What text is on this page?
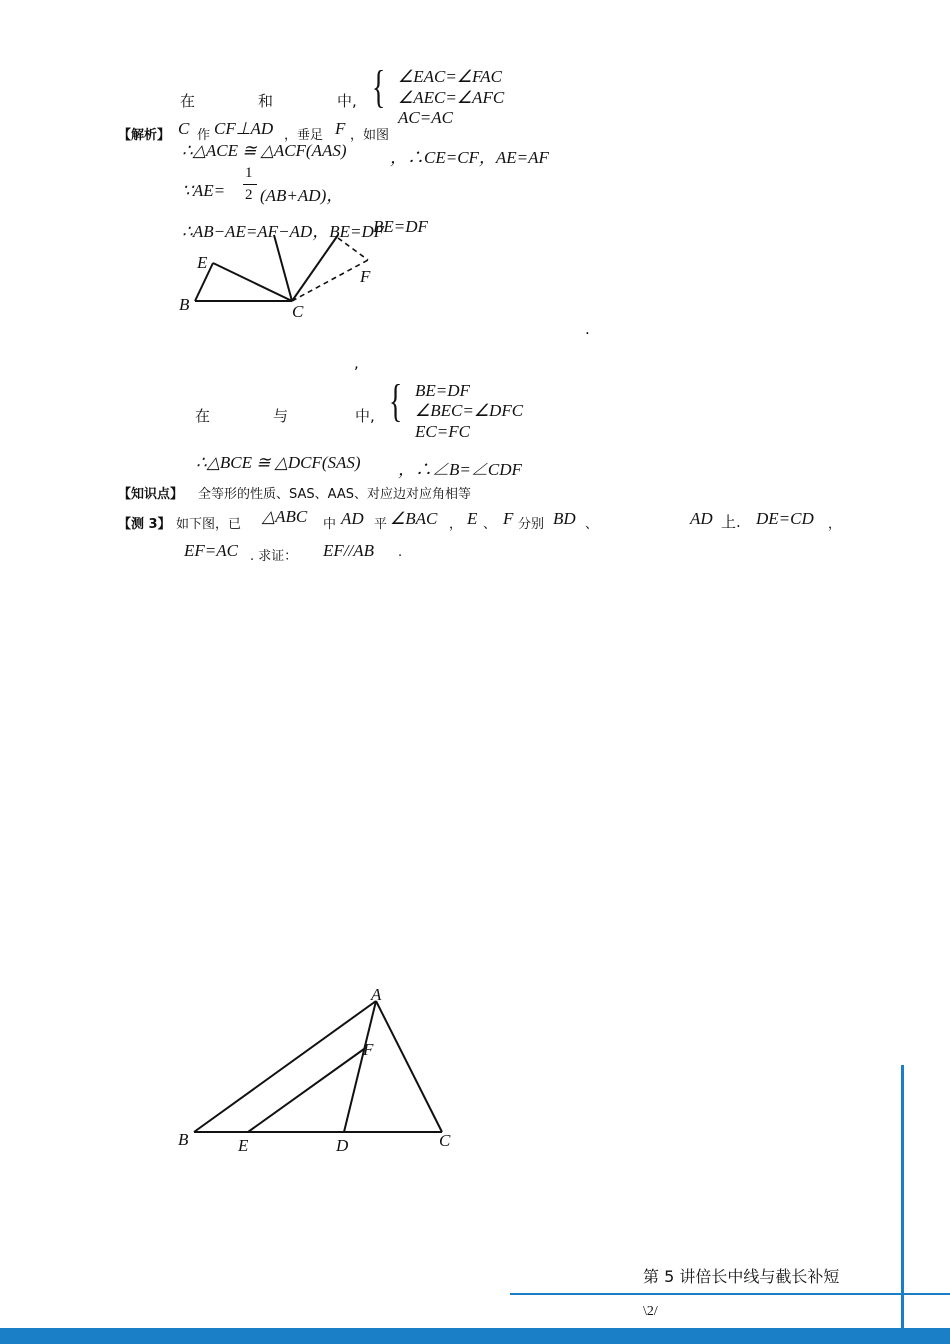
在	和	中, { ∠EAC=∠FAC
∠AEC=∠AFC
AC=AC
【解析】 C 作 CF⊥AD ，垂足 F ，如图
∴△ACE ≅ △ACF(AAS)	，∴CE=CF，AE=AF
∵AE=
1
2 (AB+AD)，
∴AB−AE=AF−AD，BE=DF
E
B	C
F
BE=DF
.
,
在	与	中, { BE=DF
∠BEC=∠DFC
EC=FC
∴△BCE ≅ △DCF(SAS) ，∴∠B=∠CDF
【知识点】 全等形的性质、SAS、AAS、对应边对应角相等
【测 3】 如下图，已 △ABC 中 AD 平 ∠BAC ， E 、 F 分别 BD 、	AD 上. DE=CD ，
EF=AC . 求证： EF//AB .
A
F
B	E	D	C
第 5 讲倍长中线与截长补短
\2/
